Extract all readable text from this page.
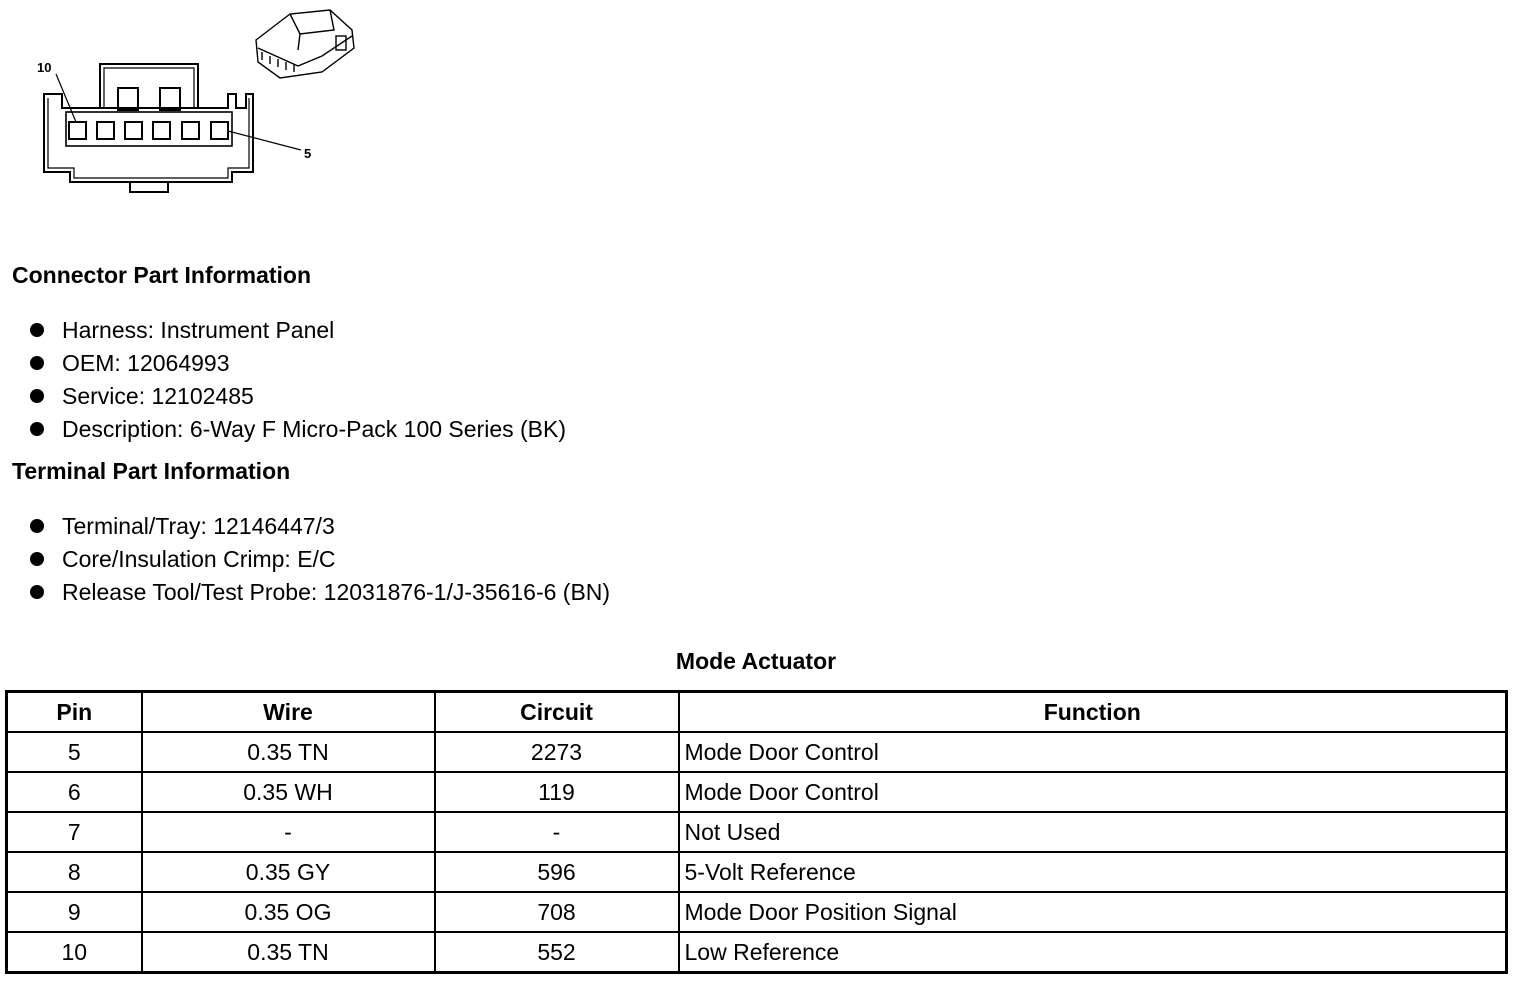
10
5
Connector Part Information
Harness: Instrument Panel
OEM: 12064993
Service: 12102485
Description: 6-Way F Micro-Pack 100 Series (BK)
Terminal Part Information
Terminal/Tray: 12146447/3
Core/Insulation Crimp: E/C
Release Tool/Test Probe: 12031876-1/J-35616-6 (BN)
Mode Actuator
Pin	Wire	Circuit	Function
5	0.35 TN	2273	Mode Door Control
6	0.35 WH	119	Mode Door Control
7	-	-	Not Used
8	0.35 GY	596	5-Volt Reference
9	0.35 OG	708	Mode Door Position Signal
10	0.35 TN	552	Low Reference
